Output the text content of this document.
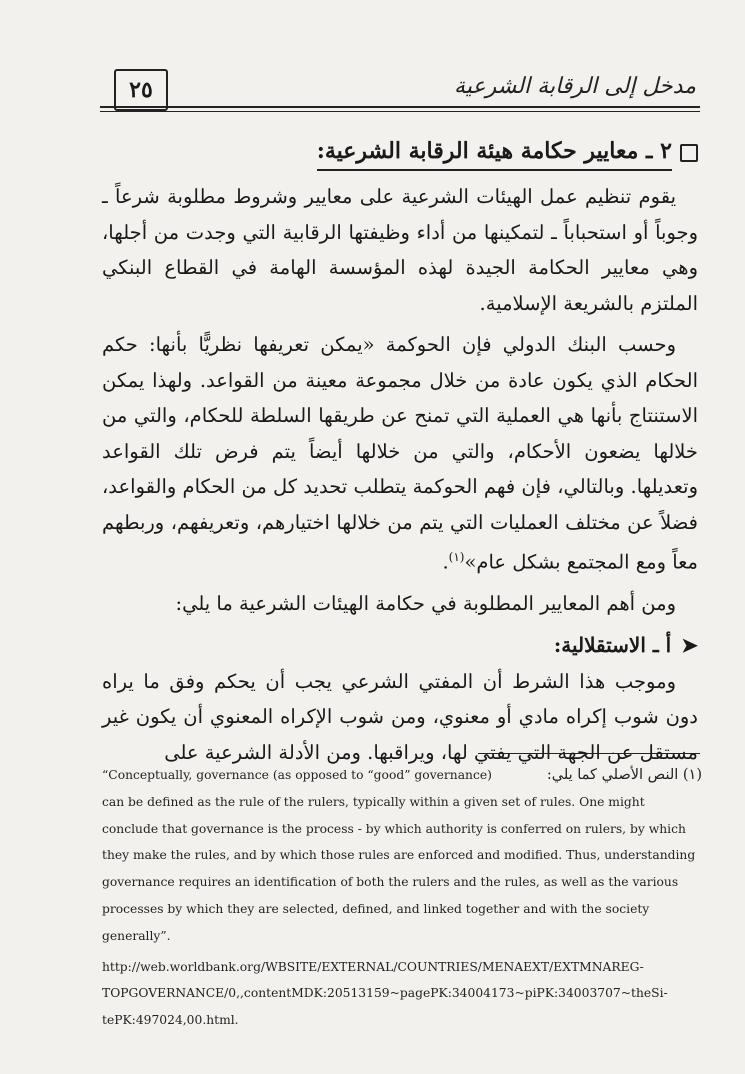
٢٥	مدخل إلى الرقابة الشرعية
٢ ـ معايير حكامة هيئة الرقابة الشرعية:

يقوم تنظيم عمل الهيئات الشرعية على معايير وشروط مطلوبة شرعاً ـ وجوباً أو استحباباً ـ لتمكينها من أداء وظيفتها الرقابية التي وجدت من أجلها، وهي معايير الحكامة الجيدة لهذه المؤسسة الهامة في القطاع البنكي الملتزم بالشريعة الإسلامية.

وحسب البنك الدولي فإن الحوكمة «يمكن تعريفها نظريًّا بأنها: حكم الحكام الذي يكون عادة من خلال مجموعة معينة من القواعد. ولهذا يمكن الاستنتاج بأنها هي العملية التي تمنح عن طريقها السلطة للحكام، والتي من خلالها يضعون الأحكام، والتي من خلالها أيضاً يتم فرض تلك القواعد وتعديلها. وبالتالي، فإن فهم الحوكمة يتطلب تحديد كل من الحكام والقواعد، فضلاً عن مختلف العمليات التي يتم من خلالها اختيارهم، وتعريفهم، وربطهم معاً ومع المجتمع بشكل عام»$^{(١)}$.

ومن أهم المعايير المطلوبة في حكامة الهيئات الشرعية ما يلي:

➤
أ ـ الاستقلالية:

وموجب هذا الشرط أن المفتي الشرعي يجب أن يحكم وفق ما يراه دون شوب إكراه مادي أو معنوي، ومن شوب الإكراه المعنوي أن يكون غير مستقل عن الجهة التي يفتي لها، ويراقبها. ومن الأدلة الشرعية على

(١) النص الأصلي كما يلي:
“Conceptually, governance (as opposed to “good” governance)

can be defined as the rule of the rulers, typically within a given set of rules. One might

conclude that governance is the process - by which authority is conferred on rulers, by which

they make the rules, and by which those rules are enforced and modified. Thus, understanding

governance requires an identification of both the rulers and the rules, as well as the various

processes by which they are selected, defined, and linked together and with the society

generally”.

http://web.worldbank.org/WBSITE/EXTERNAL/COUNTRIES/MENAEXT/EXTMNAREG-

TOPGOVERNANCE/0,,contentMDK:20513159~pagePK:34004173~piPK:34003707~theSi-

tePK:497024,00.html.
